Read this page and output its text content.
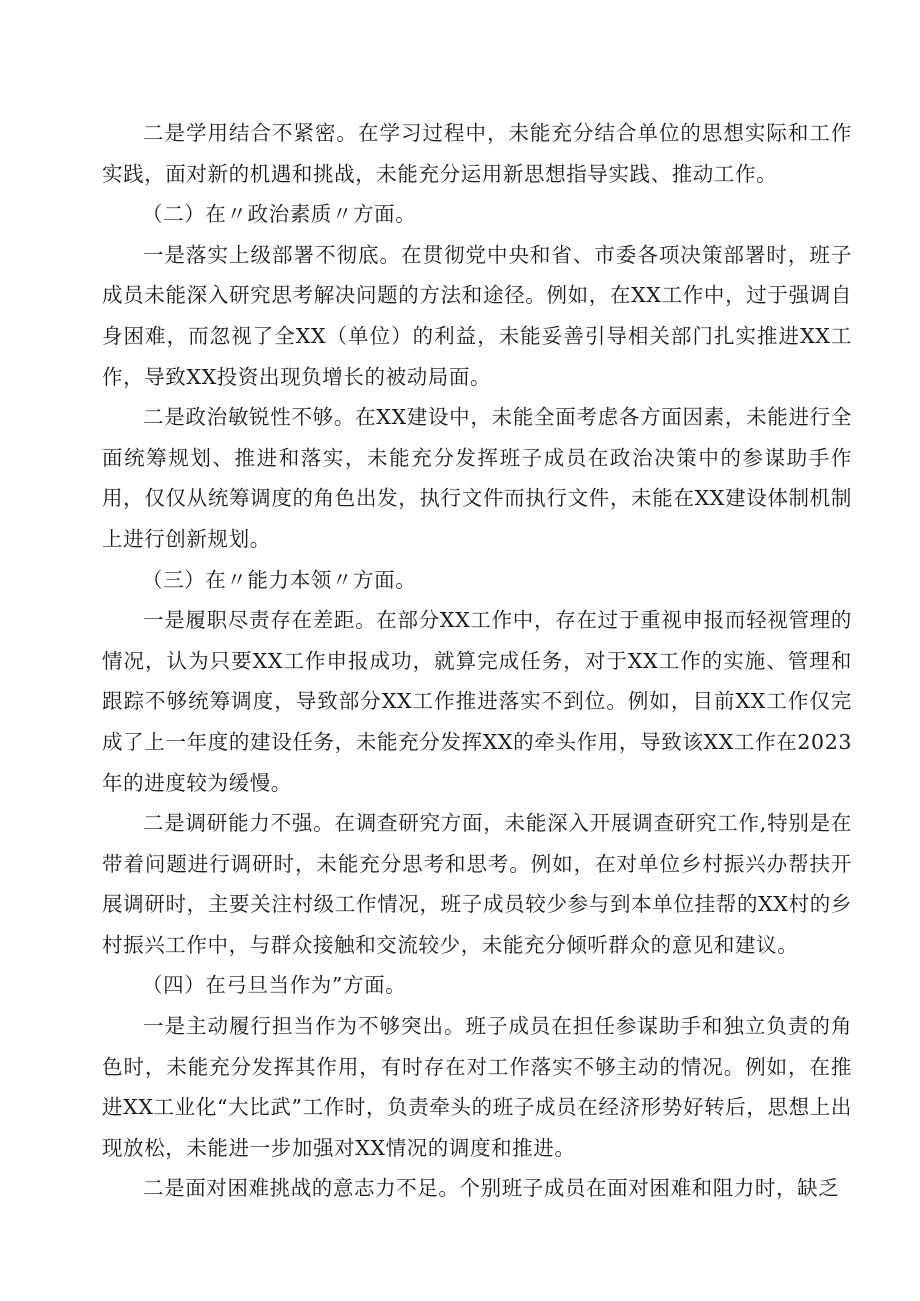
二是学用结合不紧密。在学习过程中，未能充分结合单位的思想实际和工作实践，面对新的机遇和挑战，未能充分运用新思想指导实践、推动工作。

（二）在〃政治素质〃方面。

一是落实上级部署不彻底。在贯彻党中央和省、市委各项决策部署时，班子成员未能深入研究思考解决问题的方法和途径。例如，在XX工作中，过于强调自身困难，而忽视了全XX（单位）的利益，未能妥善引导相关部门扎实推进XX工作，导致XX投资出现负增长的被动局面。

二是政治敏锐性不够。在XX建设中，未能全面考虑各方面因素，未能进行全面统筹规划、推进和落实，未能充分发挥班子成员在政治决策中的参谋助手作用，仅仅从统筹调度的角色出发，执行文件而执行文件，未能在XX建设体制机制上进行创新规划。

（三）在〃能力本领〃方面。

一是履职尽责存在差距。在部分XX工作中，存在过于重视申报而轻视管理的情况，认为只要XX工作申报成功，就算完成任务，对于XX工作的实施、管理和跟踪不够统筹调度，导致部分XX工作推进落实不到位。例如，目前XX工作仅完成了上一年度的建设任务，未能充分发挥XX的牵头作用，导致该XX工作在2023年的进度较为缓慢。

二是调研能力不强。在调查研究方面，未能深入开展调查研究工作,特别是在带着问题进行调研时，未能充分思考和思考。例如，在对单位乡村振兴办帮扶开展调研时，主要关注村级工作情况，班子成员较少参与到本单位挂帮的XX村的乡村振兴工作中，与群众接触和交流较少，未能充分倾听群众的意见和建议。

（四）在弓旦当作为”方面。

一是主动履行担当作为不够突出。班子成员在担任参谋助手和独立负责的角色时，未能充分发挥其作用，有时存在对工作落实不够主动的情况。例如，在推进XX工业化“大比武”工作时，负责牵头的班子成员在经济形势好转后，思想上出现放松，未能进一步加强对XX情况的调度和推进。

二是面对困难挑战的意志力不足。个别班子成员在面对困难和阻力时，缺乏
